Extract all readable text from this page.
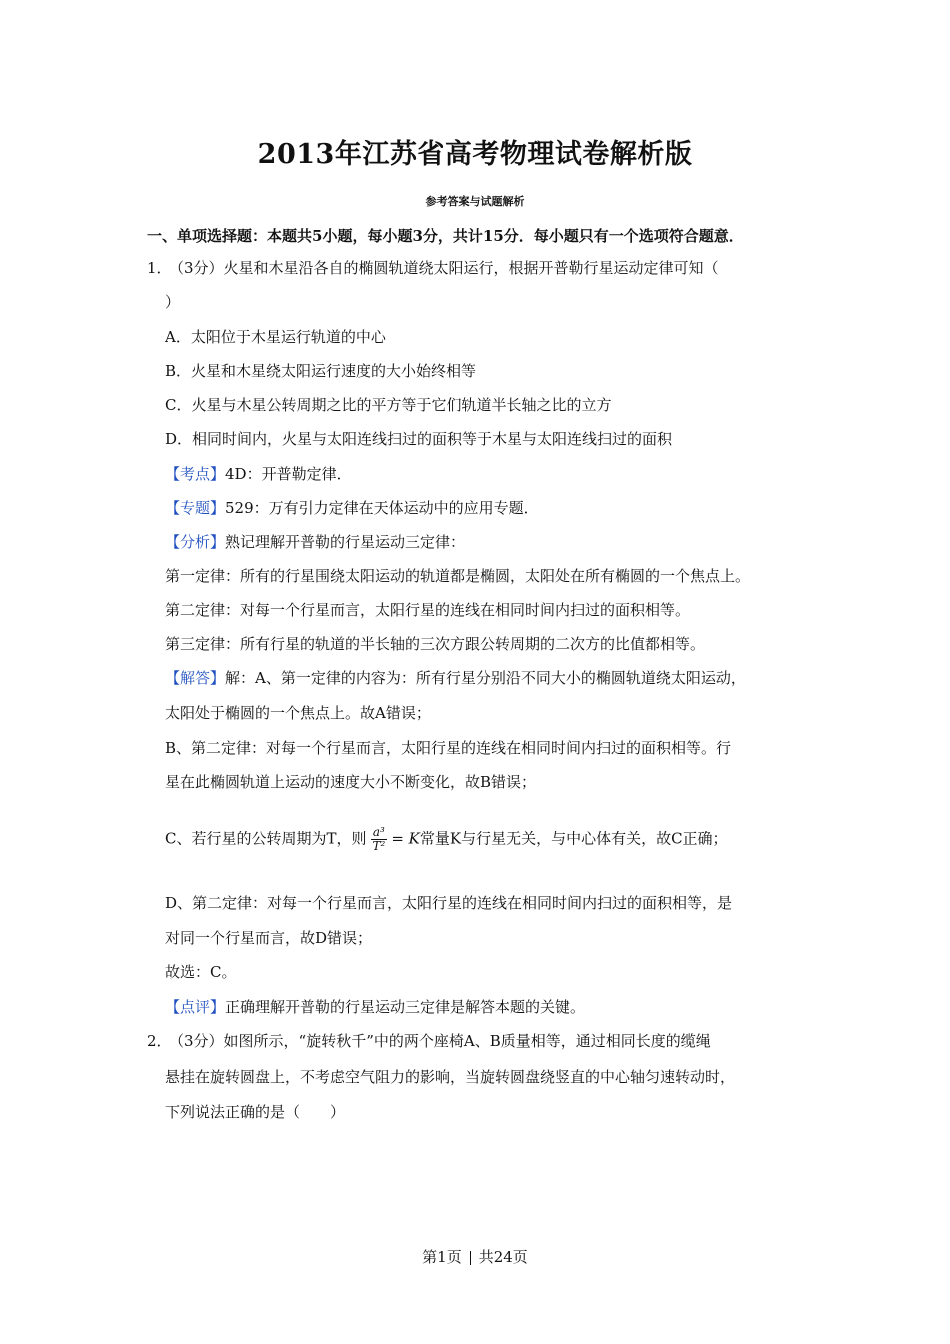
2013年江苏省高考物理试卷解析版
参考答案与试题解析
一、单项选择题：本题共5小题，每小题3分，共计15分．每小题只有一个选项符合题意．
1．（3分）火星和木星沿各自的椭圆轨道绕太阳运行，根据开普勒行星运动定律可知（
）
A．太阳位于木星运行轨道的中心
B．火星和木星绕太阳运行速度的大小始终相等
C．火星与木星公转周期之比的平方等于它们轨道半长轴之比的立方
D．相同时间内，火星与太阳连线扫过的面积等于木星与太阳连线扫过的面积
【考点】4D：开普勒定律．
【专题】529：万有引力定律在天体运动中的应用专题．
【分析】熟记理解开普勒的行星运动三定律：
第一定律：所有的行星围绕太阳运动的轨道都是椭圆，太阳处在所有椭圆的一个焦点上。
第二定律：对每一个行星而言，太阳行星的连线在相同时间内扫过的面积相等。
第三定律：所有行星的轨道的半长轴的三次方跟公转周期的二次方的比值都相等。
【解答】解：A、第一定律的内容为：所有行星分别沿不同大小的椭圆轨道绕太阳运动，
太阳处于椭圆的一个焦点上。故A错误；
B、第二定律：对每一个行星而言，太阳行星的连线在相同时间内扫过的面积相等。行
星在此椭圆轨道上运动的速度大小不断变化，故B错误；
C、若行星的公转周期为T，则 $\frac{\text{a³}}{\text{T²}} = K$常量K与行星无关，与中心体有关，故C正确；
D、第二定律：对每一个行星而言，太阳行星的连线在相同时间内扫过的面积相等，是
对同一个行星而言，故D错误；
故选：C。
【点评】正确理解开普勒的行星运动三定律是解答本题的关键。
2．（3分）如图所示，“旋转秋千”中的两个座椅A、B质量相等，通过相同长度的缆绳
悬挂在旋转圆盘上，不考虑空气阻力的影响，当旋转圆盘绕竖直的中心轴匀速转动时，
下列说法正确的是（　　）
第1页 共24页
